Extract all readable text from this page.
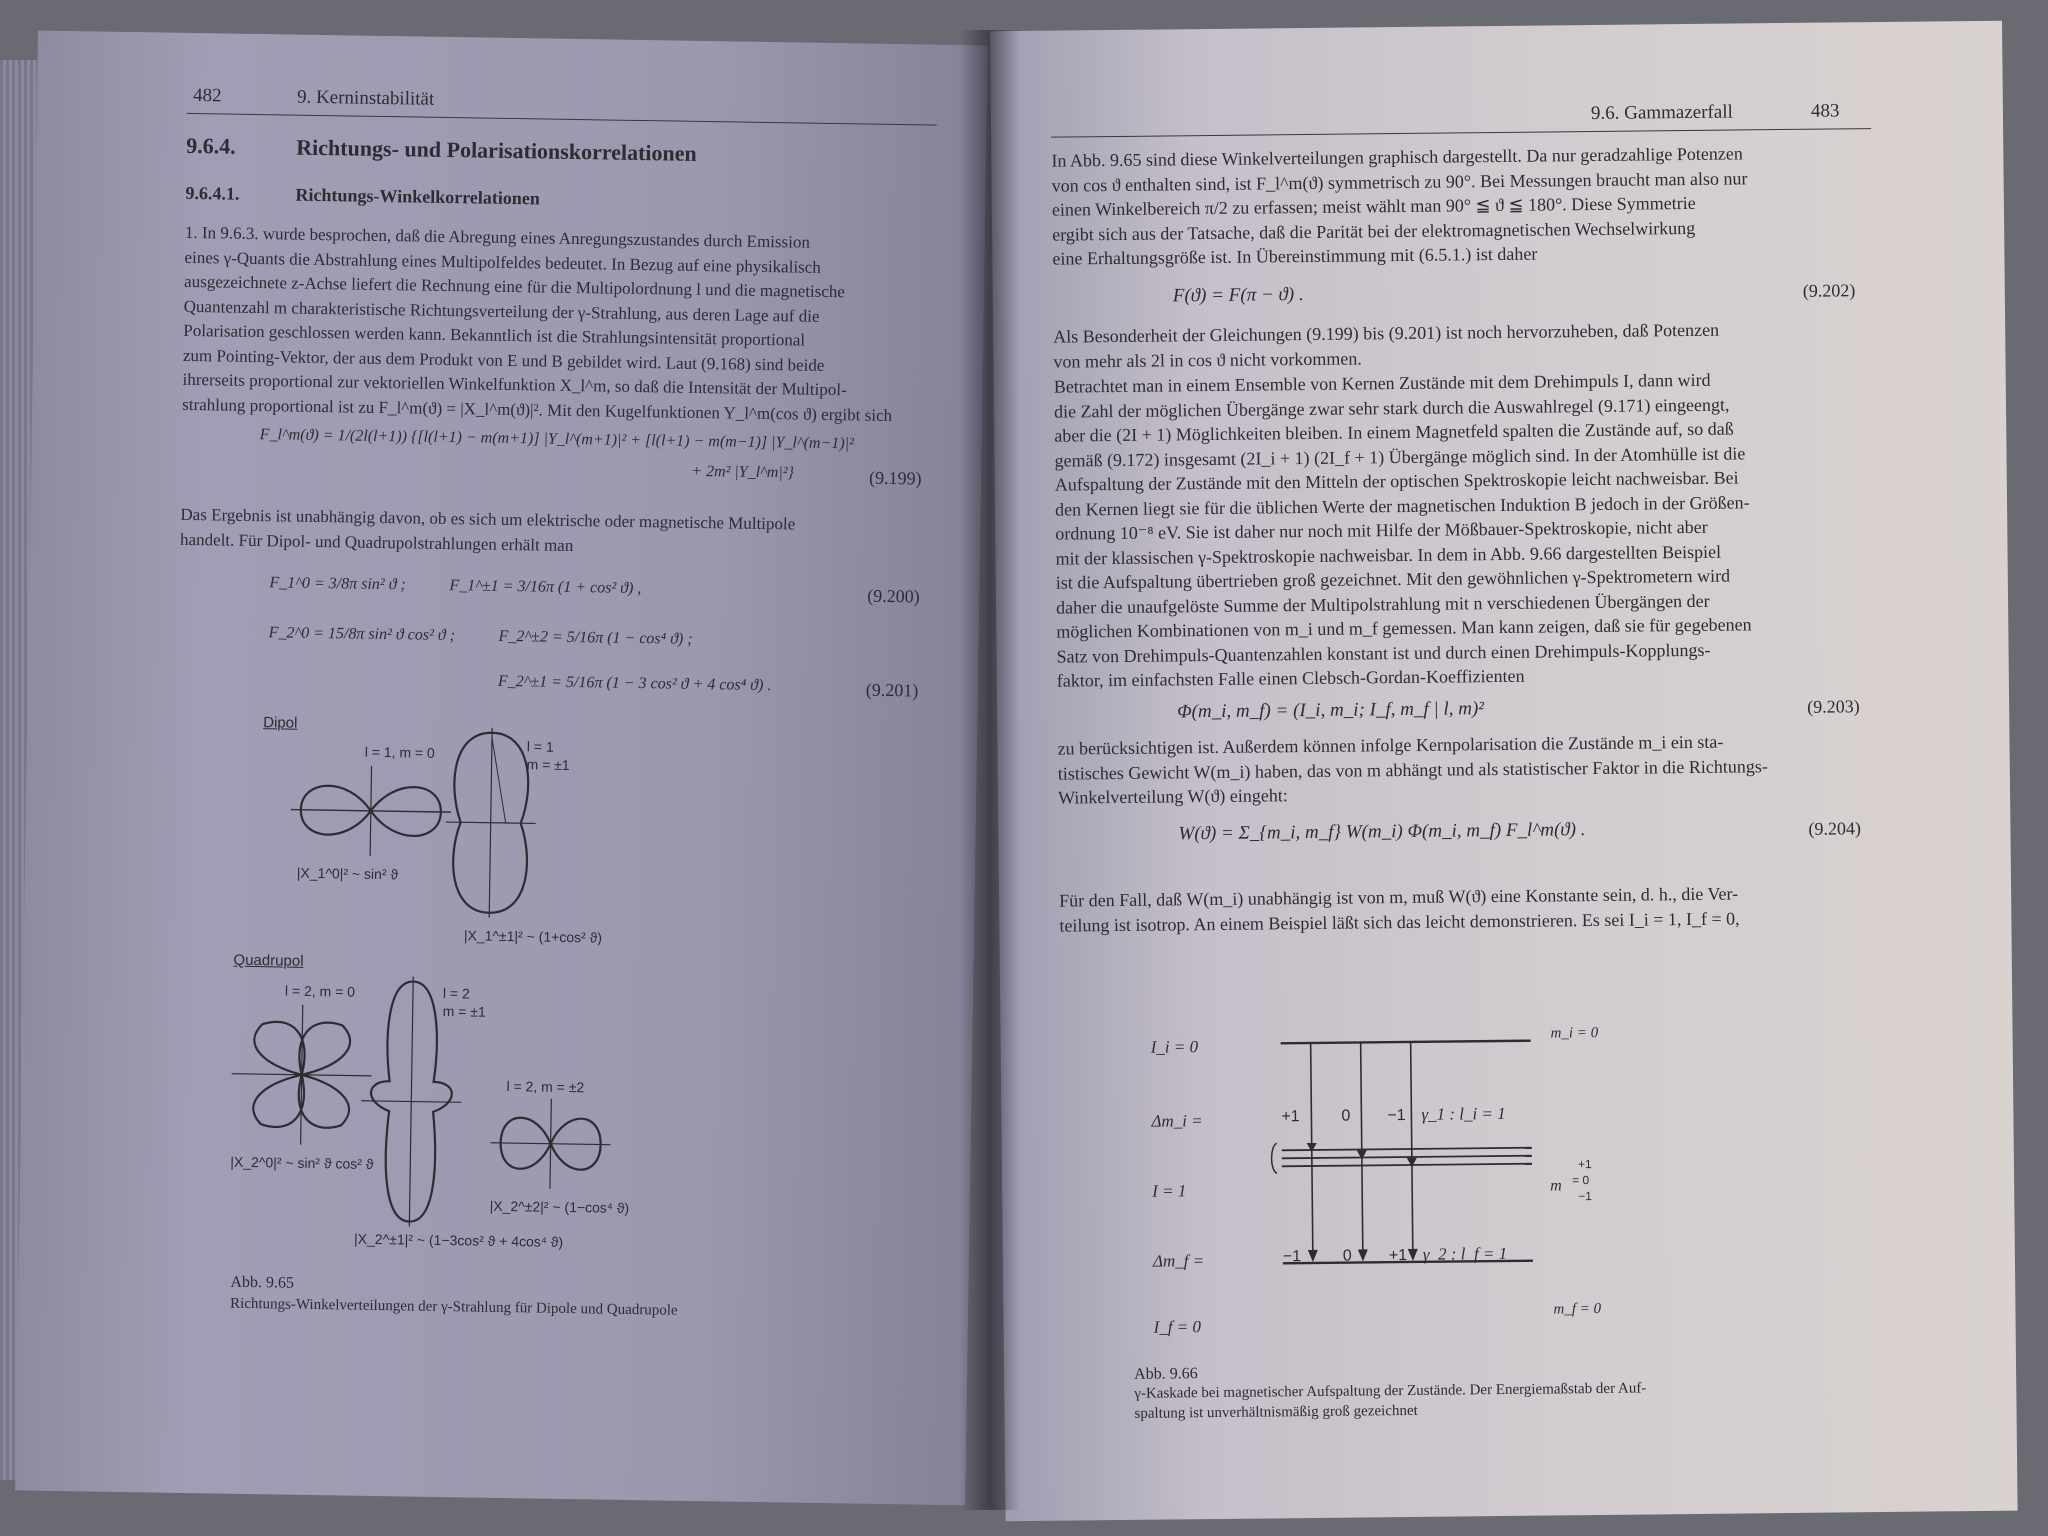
482	9. Kerninstabilität
9.6.4.	Richtungs- und Polarisationskorrelationen
9.6.4.1.	Richtungs-Winkelkorrelationen
1. In 9.6.3. wurde besprochen, daß die Abregung eines Anregungszustandes durch Emission
eines γ-Quants die Abstrahlung eines Multipolfeldes bedeutet. In Bezug auf eine physikalisch
ausgezeichnete z-Achse liefert die Rechnung eine für die Multipolordnung l und die magnetische
Quantenzahl m charakteristische Richtungsverteilung der γ-Strahlung, aus deren Lage auf die
Polarisation geschlossen werden kann. Bekanntlich ist die Strahlungsintensität proportional
zum Pointing-Vektor, der aus dem Produkt von E und B gebildet wird. Laut (9.168) sind beide
ihrerseits proportional zur vektoriellen Winkelfunktion X_l^m, so daß die Intensität der Multipol-
strahlung proportional ist zu F_l^m(ϑ) = |X_l^m(ϑ)|². Mit den Kugelfunktionen Y_l^m(cos ϑ) ergibt sich
F_l^m(ϑ) = 1/(2l(l+1)) {[l(l+1) − m(m+1)] |Y_l^(m+1)|² + [l(l+1) − m(m−1)] |Y_l^(m−1)|²
+ 2m² |Y_l^m|²}	(9.199)
Das Ergebnis ist unabhängig davon, ob es sich um elektrische oder magnetische Multipole
handelt. Für Dipol- und Quadrupolstrahlungen erhält man
F_1^0 = 3/8π sin² ϑ ;	F_1^±1 = 3/16π (1 + cos² ϑ) ,	(9.200)
F_2^0 = 15/8π sin² ϑ cos² ϑ ;	F_2^±2 = 5/16π (1 − cos⁴ ϑ) ;
F_2^±1 = 5/16π (1 − 3 cos² ϑ + 4 cos⁴ ϑ) .	(9.201)
Dipol
l = 1, m = 0
|X_1^0|² ~ sin² ϑ
l = 1
m = ±1
|X_1^±1|² ~ (1+cos² ϑ)
Quadrupol
l = 2, m = 0
|X_2^0|² ~ sin² ϑ cos² ϑ
l = 2
m = ±1
|X_2^±1|² ~ (1−3cos² ϑ + 4cos⁴ ϑ)
l = 2, m = ±2
|X_2^±2|² ~ (1−cos⁴ ϑ)
Abb. 9.65
Richtungs-Winkelverteilungen der γ-Strahlung für Dipole und Quadrupole
9.6. Gammazerfall	483
In Abb. 9.65 sind diese Winkelverteilungen graphisch dargestellt. Da nur geradzahlige Potenzen
von cos ϑ enthalten sind, ist F_l^m(ϑ) symmetrisch zu 90°. Bei Messungen braucht man also nur
einen Winkelbereich π/2 zu erfassen; meist wählt man 90° ≦ ϑ ≦ 180°. Diese Symmetrie
ergibt sich aus der Tatsache, daß die Parität bei der elektromagnetischen Wechselwirkung
eine Erhaltungsgröße ist. In Übereinstimmung mit (6.5.1.) ist daher
F(ϑ) = F(π − ϑ) .	(9.202)
Als Besonderheit der Gleichungen (9.199) bis (9.201) ist noch hervorzuheben, daß Potenzen
von mehr als 2l in cos ϑ nicht vorkommen.
Betrachtet man in einem Ensemble von Kernen Zustände mit dem Drehimpuls I, dann wird
die Zahl der möglichen Übergänge zwar sehr stark durch die Auswahlregel (9.171) eingeengt,
aber die (2I + 1) Möglichkeiten bleiben. In einem Magnetfeld spalten die Zustände auf, so daß
gemäß (9.172) insgesamt (2I_i + 1) (2I_f + 1) Übergänge möglich sind. In der Atomhülle ist die
Aufspaltung der Zustände mit den Mitteln der optischen Spektroskopie leicht nachweisbar. Bei
den Kernen liegt sie für die üblichen Werte der magnetischen Induktion B jedoch in der Größen-
ordnung 10⁻⁸ eV. Sie ist daher nur noch mit Hilfe der Mößbauer-Spektroskopie, nicht aber
mit der klassischen γ-Spektroskopie nachweisbar. In dem in Abb. 9.66 dargestellten Beispiel
ist die Aufspaltung übertrieben groß gezeichnet. Mit den gewöhnlichen γ-Spektrometern wird
daher die unaufgelöste Summe der Multipolstrahlung mit n verschiedenen Übergängen der
möglichen Kombinationen von m_i und m_f gemessen. Man kann zeigen, daß sie für gegebenen
Satz von Drehimpuls-Quantenzahlen konstant ist und durch einen Drehimpuls-Kopplungs-
faktor, im einfachsten Falle einen Clebsch-Gordan-Koeffizienten
Φ(m_i, m_f) = (I_i, m_i; I_f, m_f | l, m)²	(9.203)
zu berücksichtigen ist. Außerdem können infolge Kernpolarisation die Zustände m_i ein sta-
tistisches Gewicht W(m_i) haben, das von m abhängt und als statistischer Faktor in die Richtungs-
Winkelverteilung W(ϑ) eingeht:
W(ϑ) = Σ_{m_i, m_f} W(m_i) Φ(m_i, m_f) F_l^m(ϑ) .	(9.204)
Für den Fall, daß W(m_i) unabhängig ist von m, muß W(ϑ) eine Konstante sein, d. h., die Ver-
teilung ist isotrop. An einem Beispiel läßt sich das leicht demonstrieren. Es sei I_i = 1, I_f = 0,
I_i = 0
m_i = 0
Δm_i =	+1	0 −1 γ_1 : l_i = 1
I = 1	m
+1
= 0
−1
Δm_f =	−1	0 +1 γ_2 : l_f = 1
I_f = 0
m_f = 0
Abb. 9.66
γ-Kaskade bei magnetischer Aufspaltung der Zustände. Der Energiemaßstab der Auf-
spaltung ist unverhältnismäßig groß gezeichnet
